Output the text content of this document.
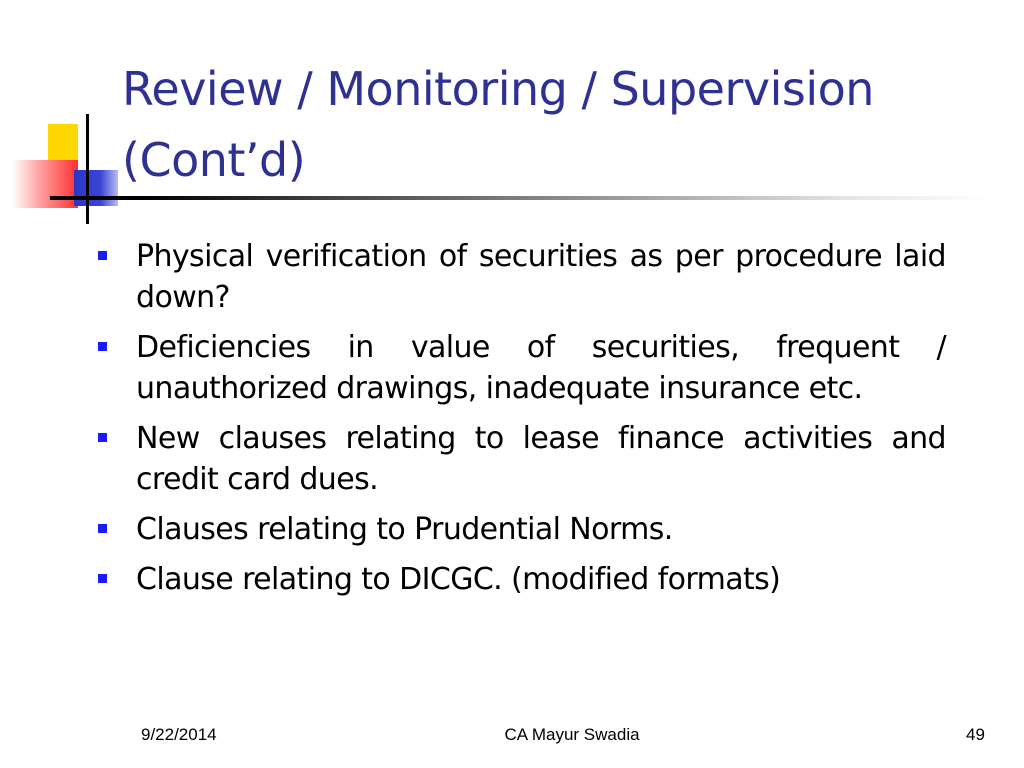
Review / Monitoring / Supervision (Cont’d)
Physical verification of securities as per procedure laid down?
Deficiencies in value of securities, frequent / unauthorized drawings, inadequate insurance etc.
New clauses relating to lease finance activities and credit card dues.
Clauses relating to Prudential Norms.
Clause relating to DICGC. (modified formats)
9/22/2014	CA Mayur Swadia	49
